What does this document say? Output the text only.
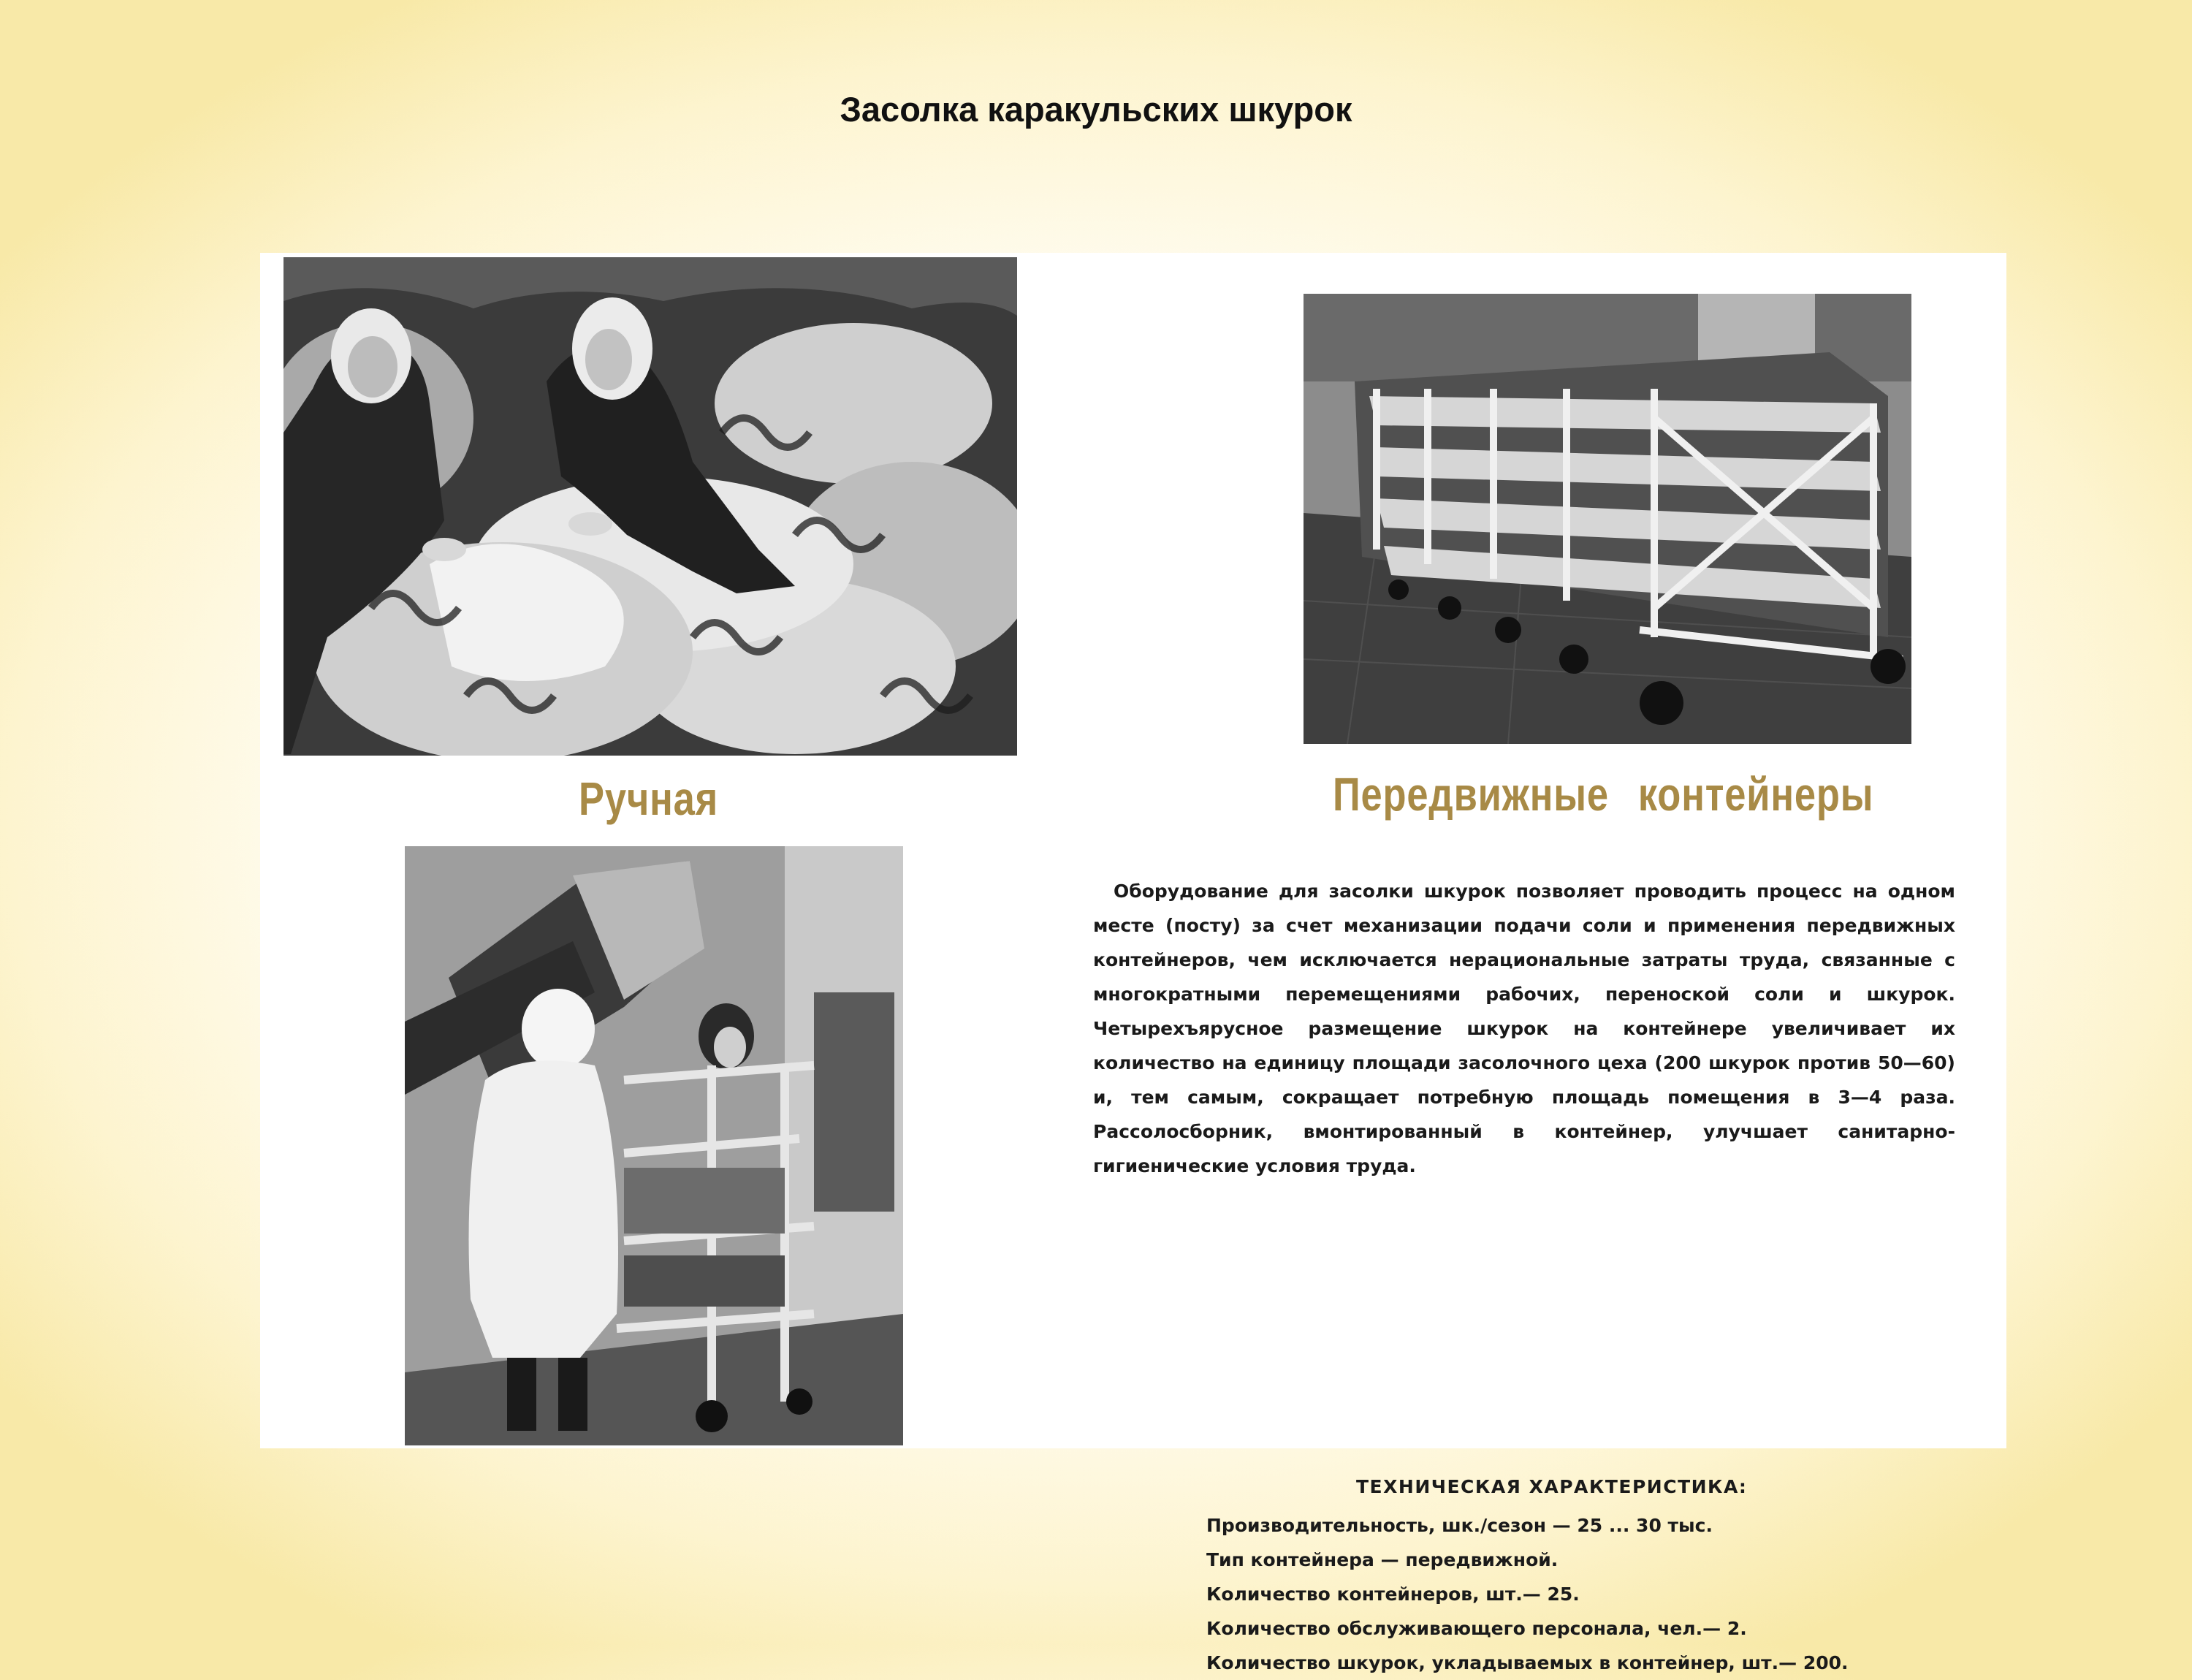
Засолка каракульских шкурок
Ручная	Передвижные контейнеры
Оборудование для засолки шкурок позволяет проводить процесс на одном месте (посту) за счет механизации подачи соли и применения передвижных контейнеров, чем исключается нерациональные затраты труда, связанные с многократными перемещениями рабочих, переноской соли и шкурок. Четырехъярусное размещение шкурок на контейнере увеличивает их количество на единицу площади засолочного цеха (200 шкурок против 50—60) и, тем самым, сокращает потребную площадь помещения в 3—4 раза. Рассолосборник, вмонтированный в контейнер, улучшает санитарно-гигиенические условия труда.
ТЕХНИЧЕСКАЯ ХАРАКТЕРИСТИКА:
Производительность, шк./сезон — 25 ... 30 тыс.
Тип контейнера — передвижной.
Количество контейнеров, шт.— 25.
Количество обслуживающего персонала, чел.— 2.
Количество шкурок, укладываемых в контейнер, шт.— 200.
